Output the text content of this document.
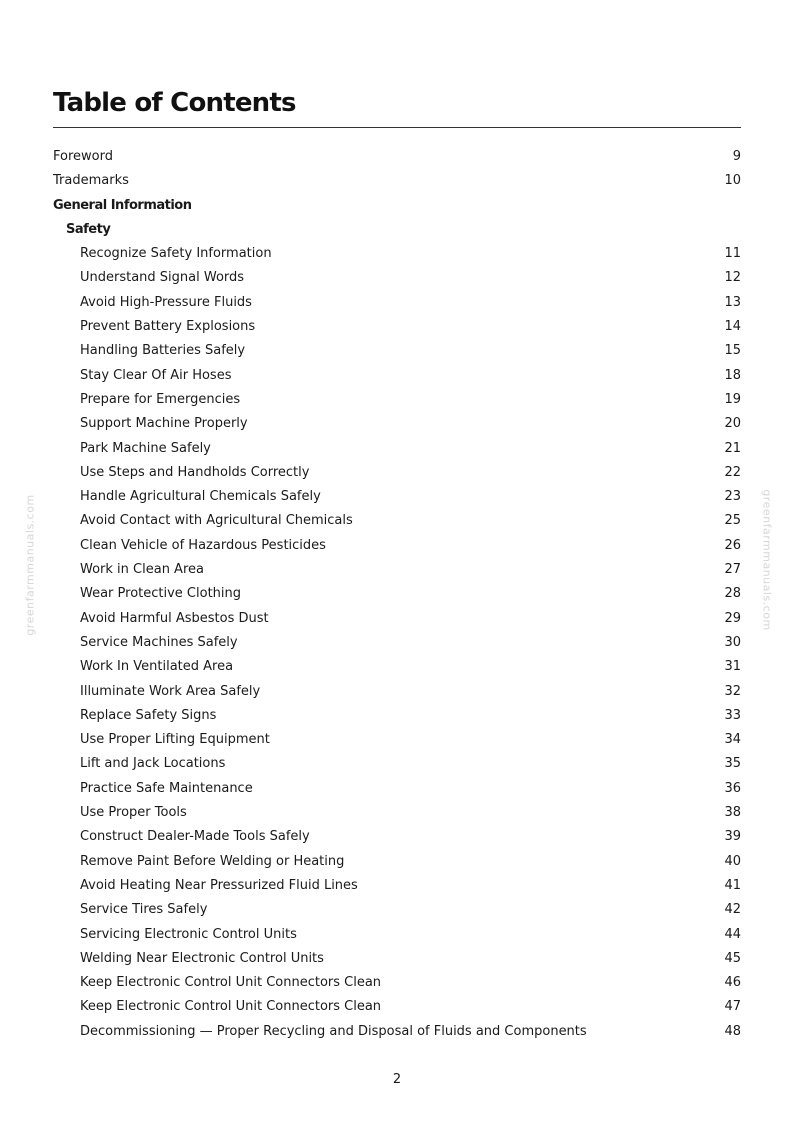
Table of Contents
Foreword	9
Trademarks	10
General Information
Safety
Recognize Safety Information	11
Understand Signal Words	12
Avoid High-Pressure Fluids	13
Prevent Battery Explosions	14
Handling Batteries Safely	15
Stay Clear Of Air Hoses	18
Prepare for Emergencies	19
Support Machine Properly	20
Park Machine Safely	21
Use Steps and Handholds Correctly	22
Handle Agricultural Chemicals Safely	23
Avoid Contact with Agricultural Chemicals	25
Clean Vehicle of Hazardous Pesticides	26
Work in Clean Area	27
Wear Protective Clothing	28
Avoid Harmful Asbestos Dust	29
Service Machines Safely	30
Work In Ventilated Area	31
Illuminate Work Area Safely	32
Replace Safety Signs	33
Use Proper Lifting Equipment	34
Lift and Jack Locations	35
Practice Safe Maintenance	36
Use Proper Tools	38
Construct Dealer-Made Tools Safely	39
Remove Paint Before Welding or Heating	40
Avoid Heating Near Pressurized Fluid Lines	41
Service Tires Safely	42
Servicing Electronic Control Units	44
Welding Near Electronic Control Units	45
Keep Electronic Control Unit Connectors Clean	46
Keep Electronic Control Unit Connectors Clean	47
Decommissioning — Proper Recycling and Disposal of Fluids and Components	48
2
greenfarmmanuals.com	greenfarmmanuals.com
